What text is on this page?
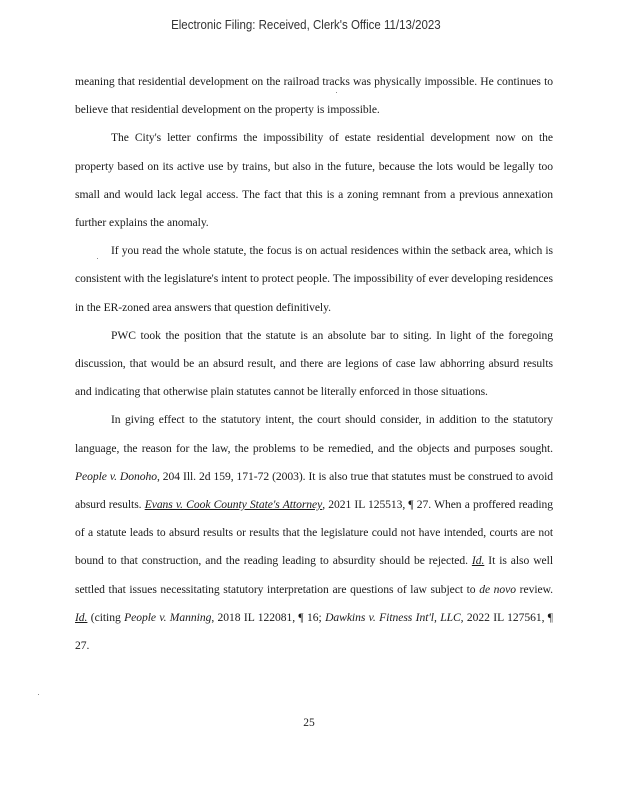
Electronic Filing: Received, Clerk's Office 11/13/2023

meaning that residential development on the railroad tracks was physically impossible. He continues to believe that residential development on the property is impossible.

The City's letter confirms the impossibility of estate residential development now on the property based on its active use by trains, but also in the future, because the lots would be legally too small and would lack legal access. The fact that this is a zoning remnant from a previous annexation further explains the anomaly.

If you read the whole statute, the focus is on actual residences within the setback area, which is consistent with the legislature's intent to protect people. The impossibility of ever developing residences in the ER-zoned area answers that question definitively.

PWC took the position that the statute is an absolute bar to siting. In light of the foregoing discussion, that would be an absurd result, and there are legions of case law abhorring absurd results and indicating that otherwise plain statutes cannot be literally enforced in those situations.

In giving effect to the statutory intent, the court should consider, in addition to the statutory language, the reason for the law, the problems to be remedied, and the objects and purposes sought. People v. Donoho, 204 Ill. 2d 159, 171-72 (2003). It is also true that statutes must be construed to avoid absurd results. Evans v. Cook County State's Attorney, 2021 IL 125513, ¶ 27. When a proffered reading of a statute leads to absurd results or results that the legislature could not have intended, courts are not bound to that construction, and the reading leading to absurdity should be rejected. Id. It is also well settled that issues necessitating statutory interpretation are questions of law subject to de novo review. Id. (citing People v. Manning, 2018 IL 122081, ¶ 16; Dawkins v. Fitness Int'l, LLC, 2022 IL 127561, ¶ 27.

25
